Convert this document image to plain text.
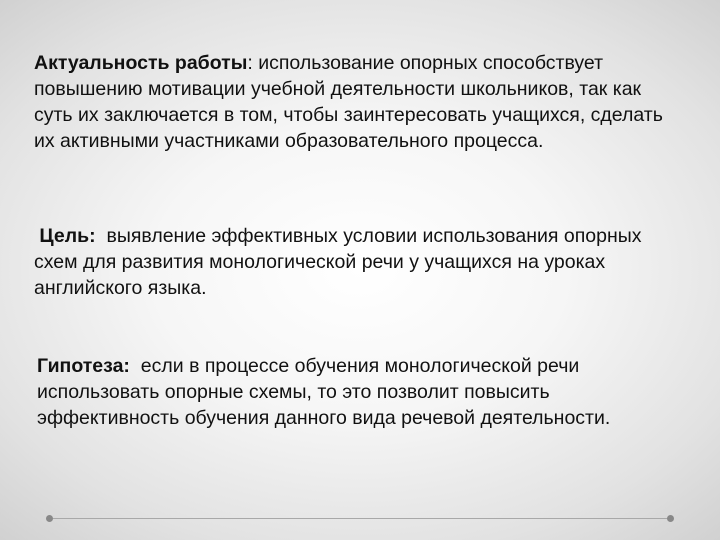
Актуальность работы: использование опорных способствует повышению мотивации учебной деятельности школьников, так как суть их заключается в том, чтобы заинтересовать учащихся, сделать их активными участниками образовательного процесса.

Цель: выявление эффективных условии использования опорных схем для развития монологической речи у учащихся на уроках английского языка.

Гипотеза: если в процессе обучения монологической речи использовать опорные схемы, то это позволит повысить эффективность обучения данного вида речевой деятельности.
